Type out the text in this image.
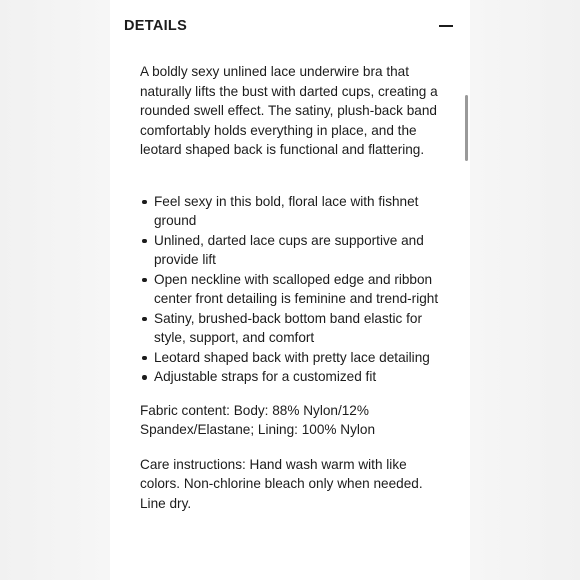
DETAILS

A boldly sexy unlined lace underwire bra that naturally lifts the bust with darted cups, creating a rounded swell effect. The satiny, plush-back band comfortably holds everything in place, and the leotard shaped back is functional and flattering.

Feel sexy in this bold, floral lace with fishnet ground
Unlined, darted lace cups are supportive and provide lift
Open neckline with scalloped edge and ribbon center front detailing is feminine and trend-right
Satiny, brushed-back bottom band elastic for style, support, and comfort
Leotard shaped back with pretty lace detailing
Adjustable straps for a customized fit

Fabric content: Body: 88% Nylon/12% Spandex/Elastane; Lining: 100% Nylon

Care instructions: Hand wash warm with like colors. Non-chlorine bleach only when needed. Line dry.
